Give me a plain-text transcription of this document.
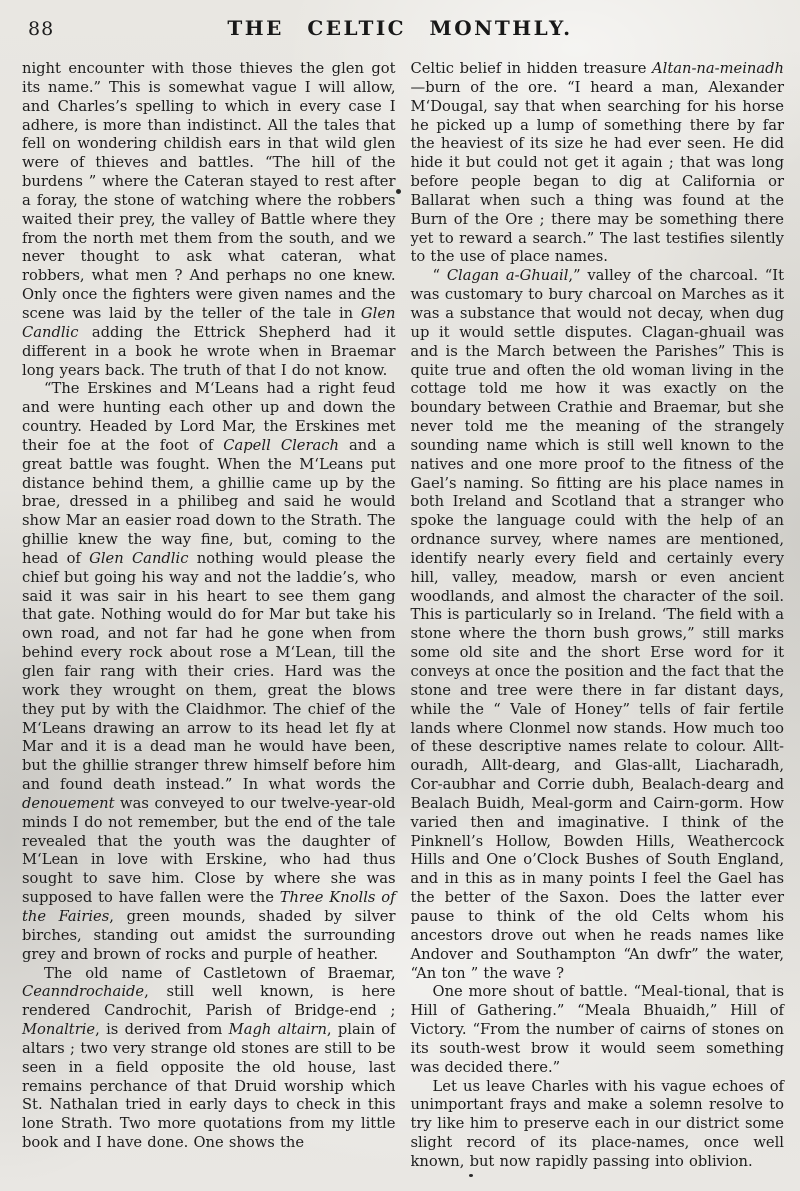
88	THE CELTIC MONTHLY.

night encounter with those thieves the glen got its name.” This is somewhat vague I will allow, and Charles’s spelling to which in every case I adhere, is more than indistinct. All the tales that fell on wondering childish ears in that wild glen were of thieves and battles. “The hill of the burdens ” where the Cateran stayed to rest after a foray, the stone of watching where the robbers waited their prey, the valley of Battle where they from the north met them from the south, and we never thought to ask what cateran, what robbers, what men ? And perhaps no one knew. Only once the fighters were given names and the scene was laid by the teller of the tale in Glen Candlic adding the Ettrick Shepherd had it different in a book he wrote when in Braemar long years back. The truth of that I do not know.

“The Erskines and M‘Leans had a right feud and were hunting each other up and down the country. Headed by Lord Mar, the Erskines met their foe at the foot of Capell Clerach and a great battle was fought. When the M‘Leans put distance behind them, a ghillie came up by the brae, dressed in a philibeg and said he would show Mar an easier road down to the Strath. The ghillie knew the way fine, but, coming to the head of Glen Candlic nothing would please the chief but going his way and not the laddie’s, who said it was sair in his heart to see them gang that gate. Nothing would do for Mar but take his own road, and not far had he gone when from behind every rock about rose a M‘Lean, till the glen fair rang with their cries. Hard was the work they wrought on them, great the blows they put by with the Claidhmor. The chief of the M‘Leans drawing an arrow to its head let fly at Mar and it is a dead man he would have been, but the ghillie stranger threw himself before him and found death instead.” In what words the denouement was conveyed to our twelve-year-old minds I do not remember, but the end of the tale revealed that the youth was the daughter of M‘Lean in love with Erskine, who had thus sought to save him. Close by where she was supposed to have fallen were the Three Knolls of the Fairies, green mounds, shaded by silver birches, standing out amidst the surrounding grey and brown of rocks and purple of heather.

The old name of Castletown of Braemar, Ceanndrochaide, still well known, is here rendered Candrochit, Parish of Bridge-end ; Monaltrie, is derived from Magh altairn, plain of altars ; two very strange old stones are still to be seen in a field opposite the old house, last remains perchance of that Druid worship which St. Nathalan tried in early days to check in this lone Strath. Two more quotations from my little book and I have done. One shows the

Celtic belief in hidden treasure Altan-na-meinadh —burn of the ore. “I heard a man, Alexander M‘Dougal, say that when searching for his horse he picked up a lump of something there by far the heaviest of its size he had ever seen. He did hide it but could not get it again ; that was long before people began to dig at California or Ballarat when such a thing was found at the Burn of the Ore ; there may be something there yet to reward a search.” The last testifies silently to the use of place names.

“ Clagan a-Ghuail,” valley of the charcoal. “It was customary to bury charcoal on Marches as it was a substance that would not decay, when dug up it would settle disputes. Clagan-ghuail was and is the March between the Parishes” This is quite true and often the old woman living in the cottage told me how it was exactly on the boundary between Crathie and Braemar, but she never told me the meaning of the strangely sounding name which is still well known to the natives and one more proof to the fitness of the Gael’s naming. So fitting are his place names in both Ireland and Scotland that a stranger who spoke the language could with the help of an ordnance survey, where names are mentioned, identify nearly every field and certainly every hill, valley, meadow, marsh or even ancient woodlands, and almost the character of the soil. This is particularly so in Ireland. ‘The field with a stone where the thorn bush grows,” still marks some old site and the short Erse word for it conveys at once the position and the fact that the stone and tree were there in far distant days, while the “ Vale of Honey” tells of fair fertile lands where Clonmel now stands. How much too of these descriptive names relate to colour. Allt-ouradh, Allt-dearg, and Glas-allt, Liacharadh, Cor-aubhar and Corrie dubh, Bealach-dearg and Bealach Buidh, Meal-gorm and Cairn-gorm. How varied then and imaginative. I think of the Pinknell’s Hollow, Bowden Hills, Weathercock Hills and One o’Clock Bushes of South England, and in this as in many points I feel the Gael has the better of the Saxon. Does the latter ever pause to think of the old Celts whom his ancestors drove out when he reads names like Andover and Southampton “An dwfr” the water, “An ton ” the wave ?

One more shout of battle. “Meal-tional, that is Hill of Gathering.” “Meala Bhuaidh,” Hill of Victory. “From the number of cairns of stones on its south-west brow it would seem something was decided there.”

Let us leave Charles with his vague echoes of unimportant frays and make a solemn resolve to try like him to preserve each in our district some slight record of its place-names, once well known, but now rapidly passing into oblivion.
